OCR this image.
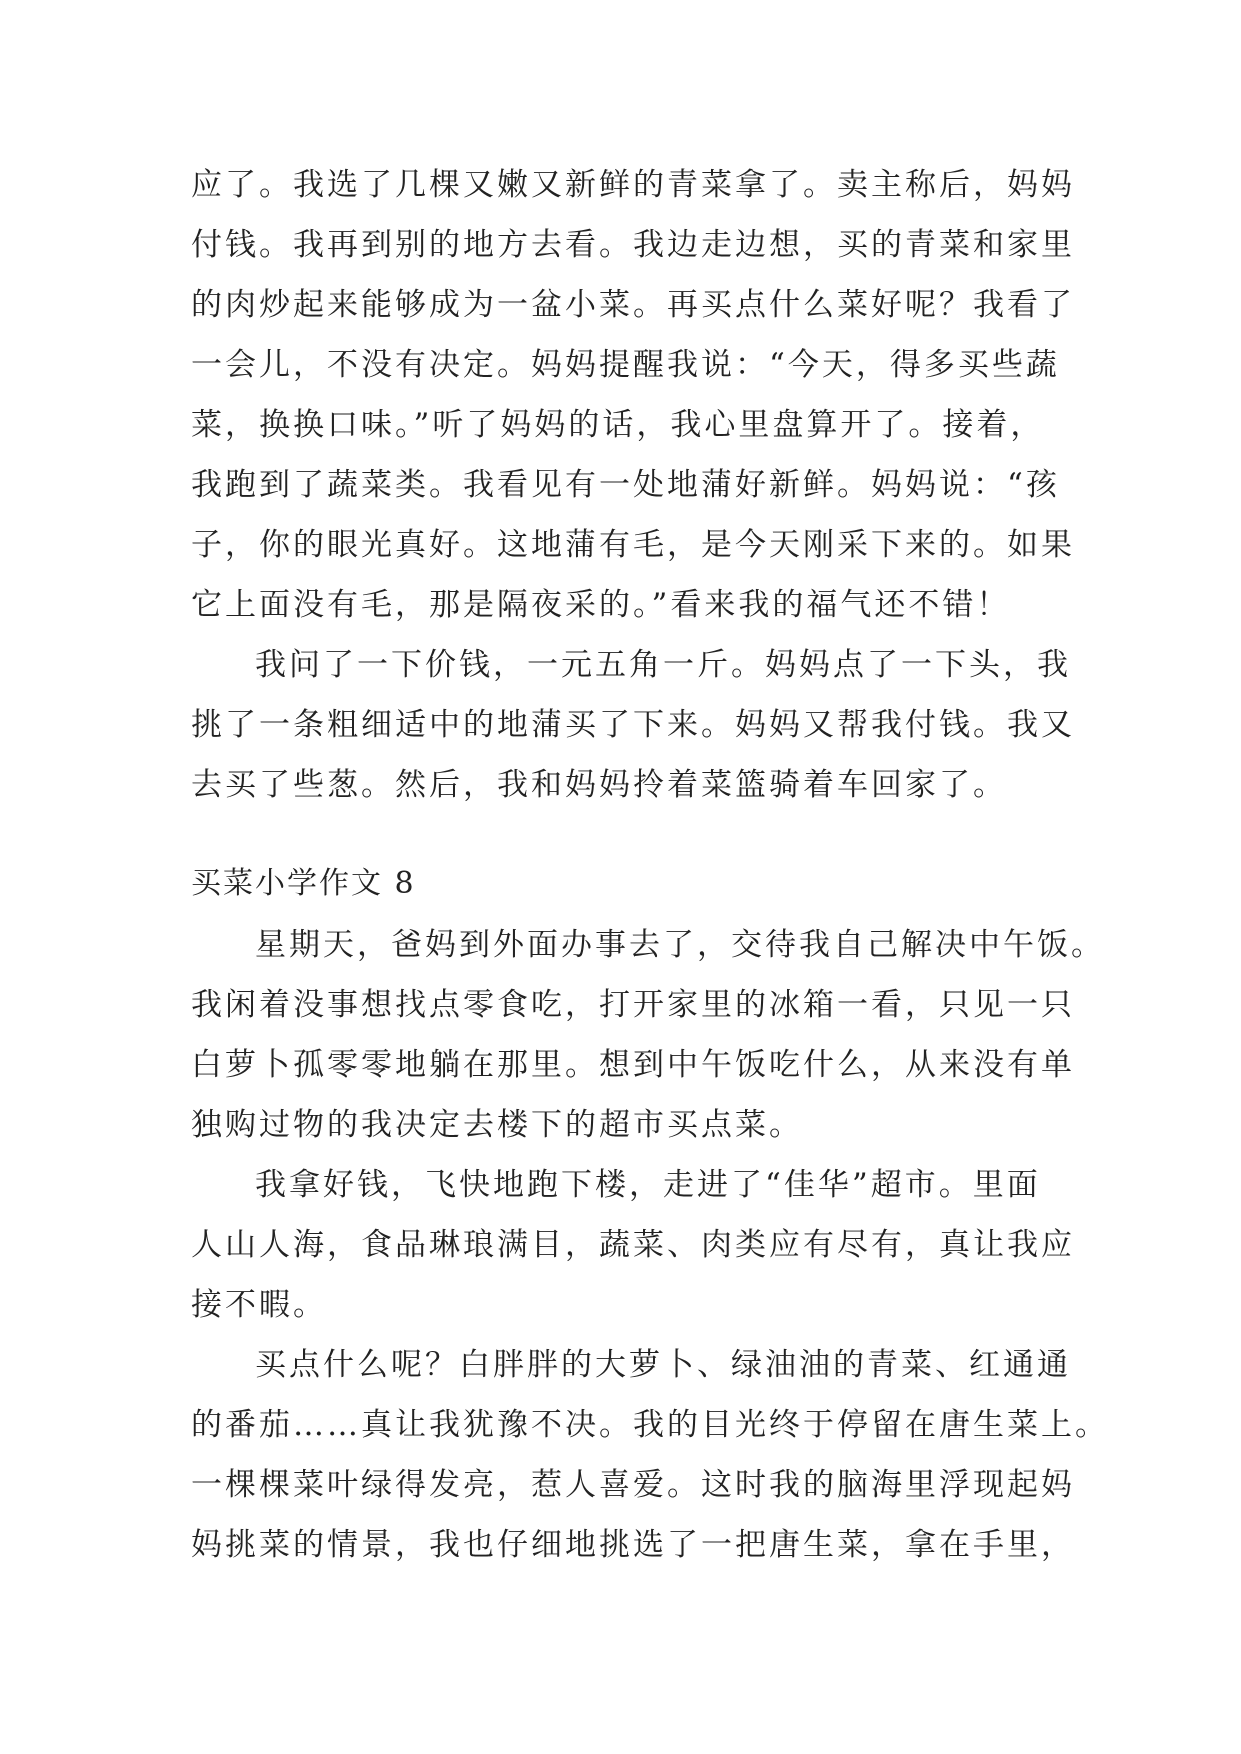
应了。我选了几棵又嫩又新鲜的青菜拿了。卖主称后，妈妈
付钱。我再到别的地方去看。我边走边想，买的青菜和家里
的肉炒起来能够成为一盆小菜。再买点什么菜好呢？我看了
一会儿，不没有决定。妈妈提醒我说：“今天，得多买些蔬
菜，换换口味。”听了妈妈的话，我心里盘算开了。接着，
我跑到了蔬菜类。我看见有一处地蒲好新鲜。妈妈说：“孩
子，你的眼光真好。这地蒲有毛，是今天刚采下来的。如果
它上面没有毛，那是隔夜采的。”看来我的福气还不错！
我问了一下价钱，一元五角一斤。妈妈点了一下头，我
挑了一条粗细适中的地蒲买了下来。妈妈又帮我付钱。我又
去买了些葱。然后，我和妈妈拎着菜篮骑着车回家了。
买菜小学作文 8
星期天，爸妈到外面办事去了，交待我自己解决中午饭。
我闲着没事想找点零食吃，打开家里的冰箱一看，只见一只
白萝卜孤零零地躺在那里。想到中午饭吃什么，从来没有单
独购过物的我决定去楼下的超市买点菜。
我拿好钱，飞快地跑下楼，走进了“佳华”超市。里面
人山人海，食品琳琅满目，蔬菜、肉类应有尽有，真让我应
接不暇。
买点什么呢？白胖胖的大萝卜、绿油油的青菜、红通通
的番茄……真让我犹豫不决。我的目光终于停留在唐生菜上。
一棵棵菜叶绿得发亮，惹人喜爱。这时我的脑海里浮现起妈
妈挑菜的情景，我也仔细地挑选了一把唐生菜，拿在手里，
